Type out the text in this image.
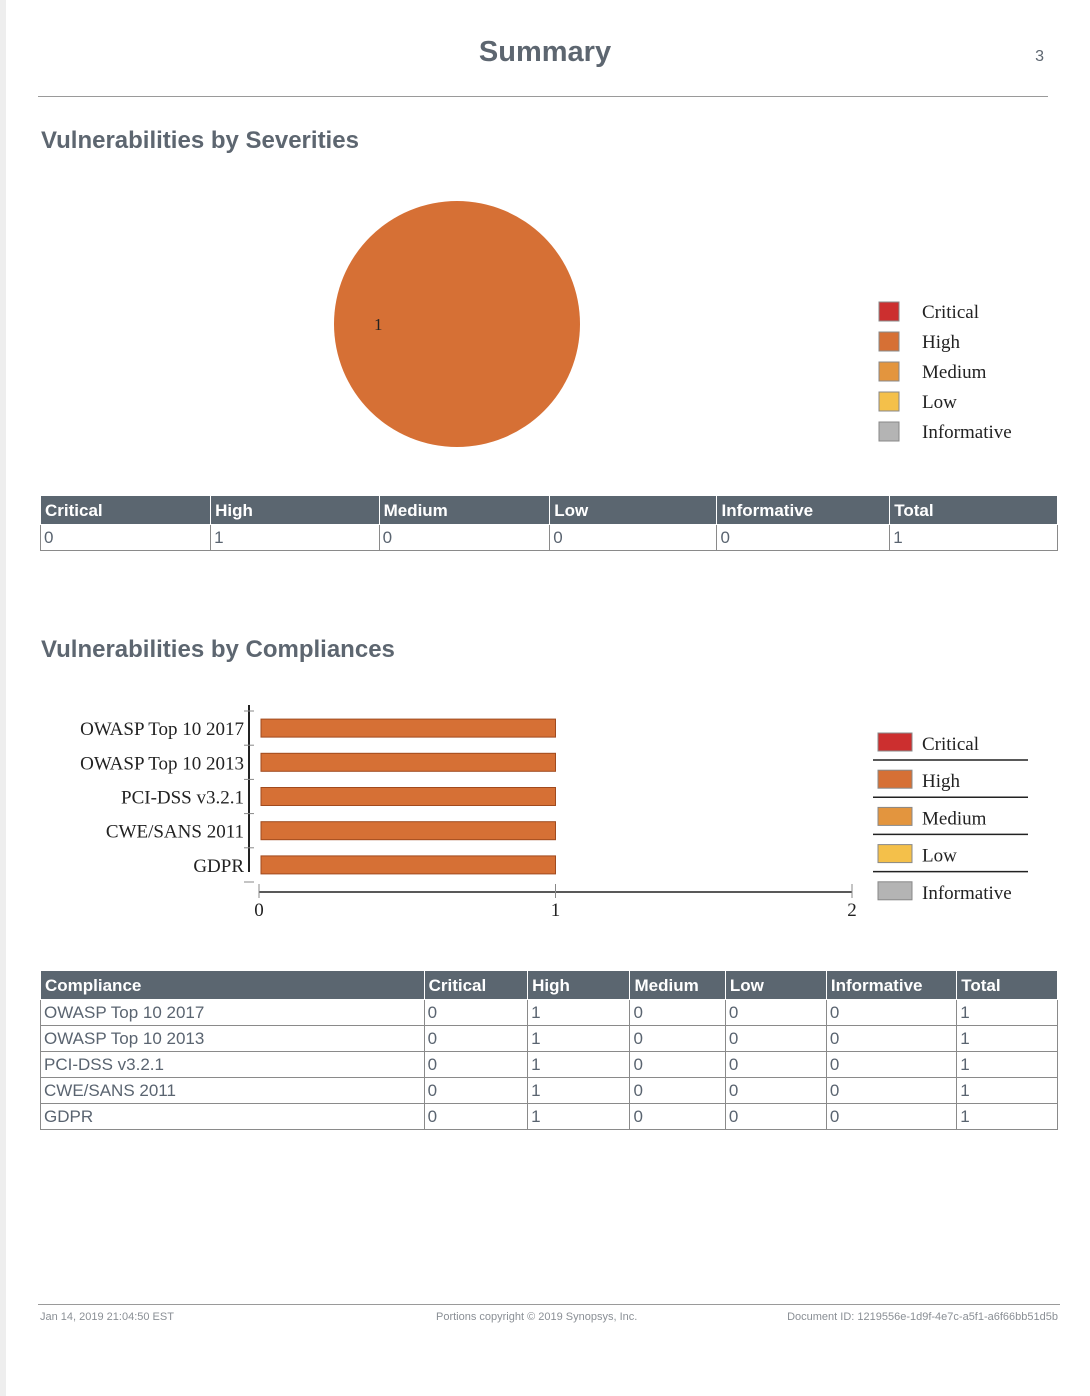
Summary	3
Vulnerabilities by Severities
1
Critical
High
Medium
Low
Informative
Critical	High	Medium	Low	Informative	Total
0	1	0	0	0	1
Vulnerabilities by Compliances
OWASP Top 10 2017
OWASP Top 10 2013
PCI-DSS v3.2.1
CWE/SANS 2011
GDPR
0	1	2
Critical
High
Medium
Low
Informative
Compliance	Critical	High	Medium	Low	Informative	Total
OWASP Top 10 2017	0	1	0	0	0	1
OWASP Top 10 2013	0	1	0	0	0	1
PCI-DSS v3.2.1	0	1	0	0	0	1
CWE/SANS 2011	0	1	0	0	0	1
GDPR	0	1	0	0	0	1
Jan 14, 2019 21:04:50 EST	Portions copyright © 2019 Synopsys, Inc.	Document ID: 1219556e-1d9f-4e7c-a5f1-a6f66bb51d5b
